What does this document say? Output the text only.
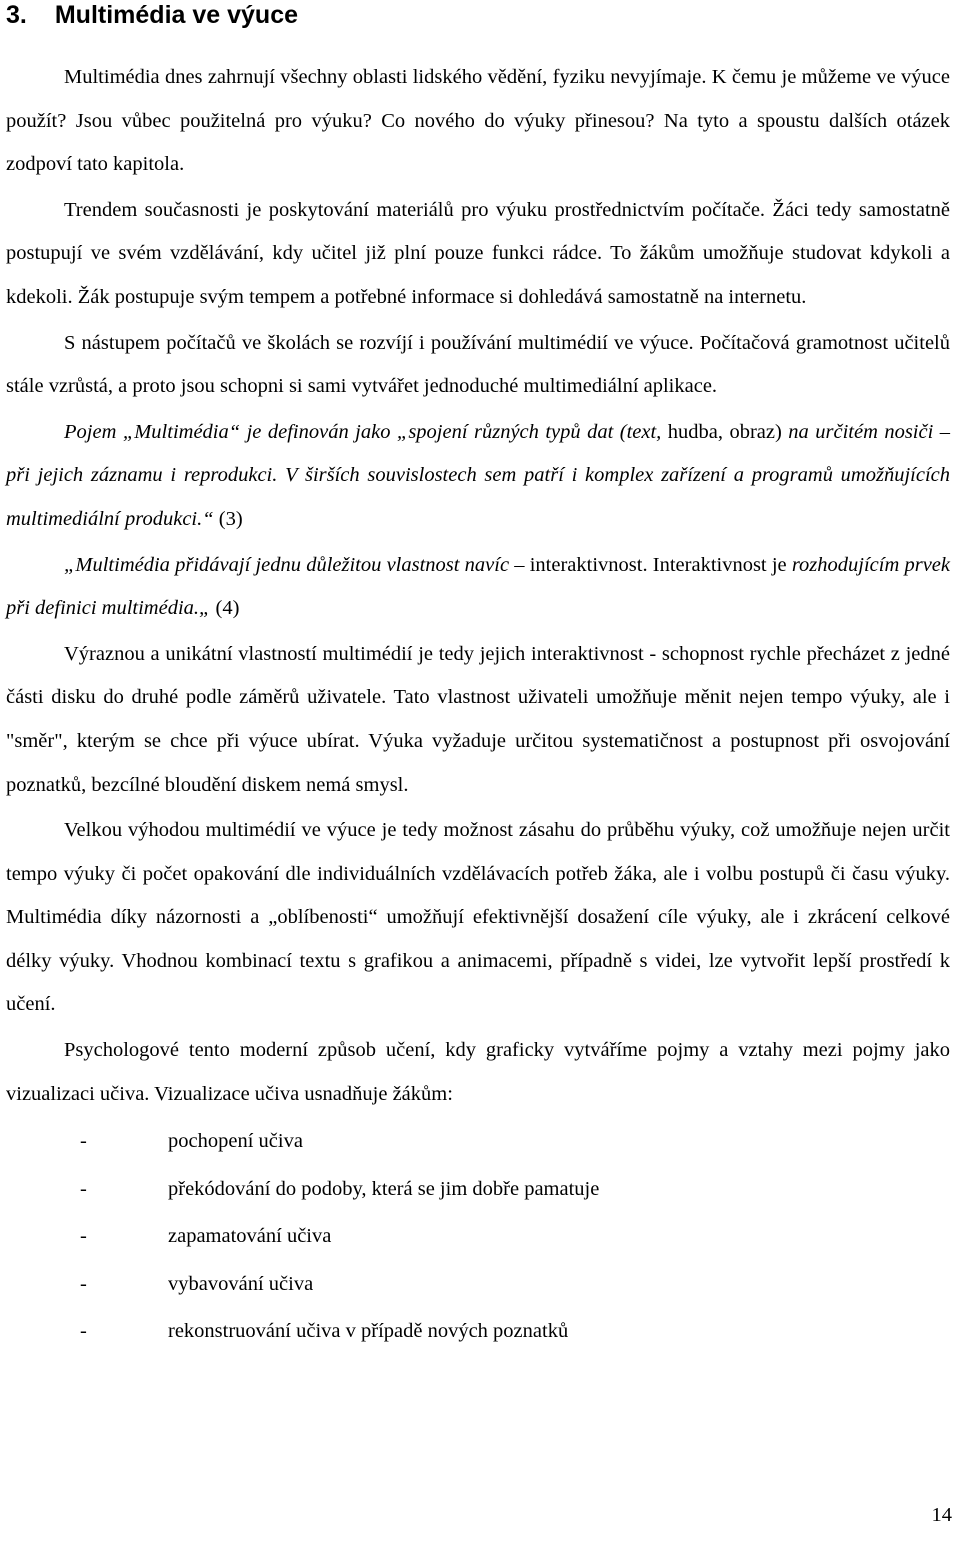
3. Multimédia ve výuce

Multimédia dnes zahrnují všechny oblasti lidského vědění, fyziku nevyjímaje. K čemu je můžeme ve výuce použít? Jsou vůbec použitelná pro výuku? Co nového do výuky přinesou? Na tyto a spoustu dalších otázek zodpoví tato kapitola.

Trendem současnosti je poskytování materiálů pro výuku prostřednictvím počítače. Žáci tedy samostatně postupují ve svém vzdělávání, kdy učitel již plní pouze funkci rádce. To žákům umožňuje studovat kdykoli a kdekoli. Žák postupuje svým tempem a potřebné informace si dohledává samostatně na internetu.

S nástupem počítačů ve školách se rozvíjí i používání multimédií ve výuce. Počítačová gramotnost učitelů stále vzrůstá, a proto jsou schopni si sami vytvářet jednoduché multimediální aplikace.

Pojem „Multimédia“ je definován jako „spojení různých typů dat (text, hudba, obraz) na určitém nosiči – při jejich záznamu i reprodukci. V širších souvislostech sem patří i komplex zařízení a programů umožňujících multimediální produkci.“ (3)

„Multimédia přidávají jednu důležitou vlastnost navíc – interaktivnost. Interaktivnost je rozhodujícím prvek při definici multimédia.„ (4)

Výraznou a unikátní vlastností multimédií je tedy jejich interaktivnost - schopnost rychle přecházet z jedné části disku do druhé podle záměrů uživatele. Tato vlastnost uživateli umožňuje měnit nejen tempo výuky, ale i "směr", kterým se chce při výuce ubírat. Výuka vyžaduje určitou systematičnost a postupnost při osvojování poznatků, bezcílné bloudění diskem nemá smysl.

Velkou výhodou multimédií ve výuce je tedy možnost zásahu do průběhu výuky, což umožňuje nejen určit tempo výuky či počet opakování dle individuálních vzdělávacích potřeb žáka, ale i volbu postupů či času výuky. Multimédia díky názornosti a „oblíbenosti“ umožňují efektivnější dosažení cíle výuky, ale i zkrácení celkové délky výuky. Vhodnou kombinací textu s grafikou a animacemi, případně s videi, lze vytvořit lepší prostředí k učení.

Psychologové tento moderní způsob učení, kdy graficky vytváříme pojmy a vztahy mezi pojmy jako vizualizaci učiva. Vizualizace učiva usnadňuje žákům:

-	pochopení učiva
-	překódování do podoby, která se jim dobře pamatuje
-	zapamatování učiva
-	vybavování učiva
-	rekonstruování učiva v případě nových poznatků
14
